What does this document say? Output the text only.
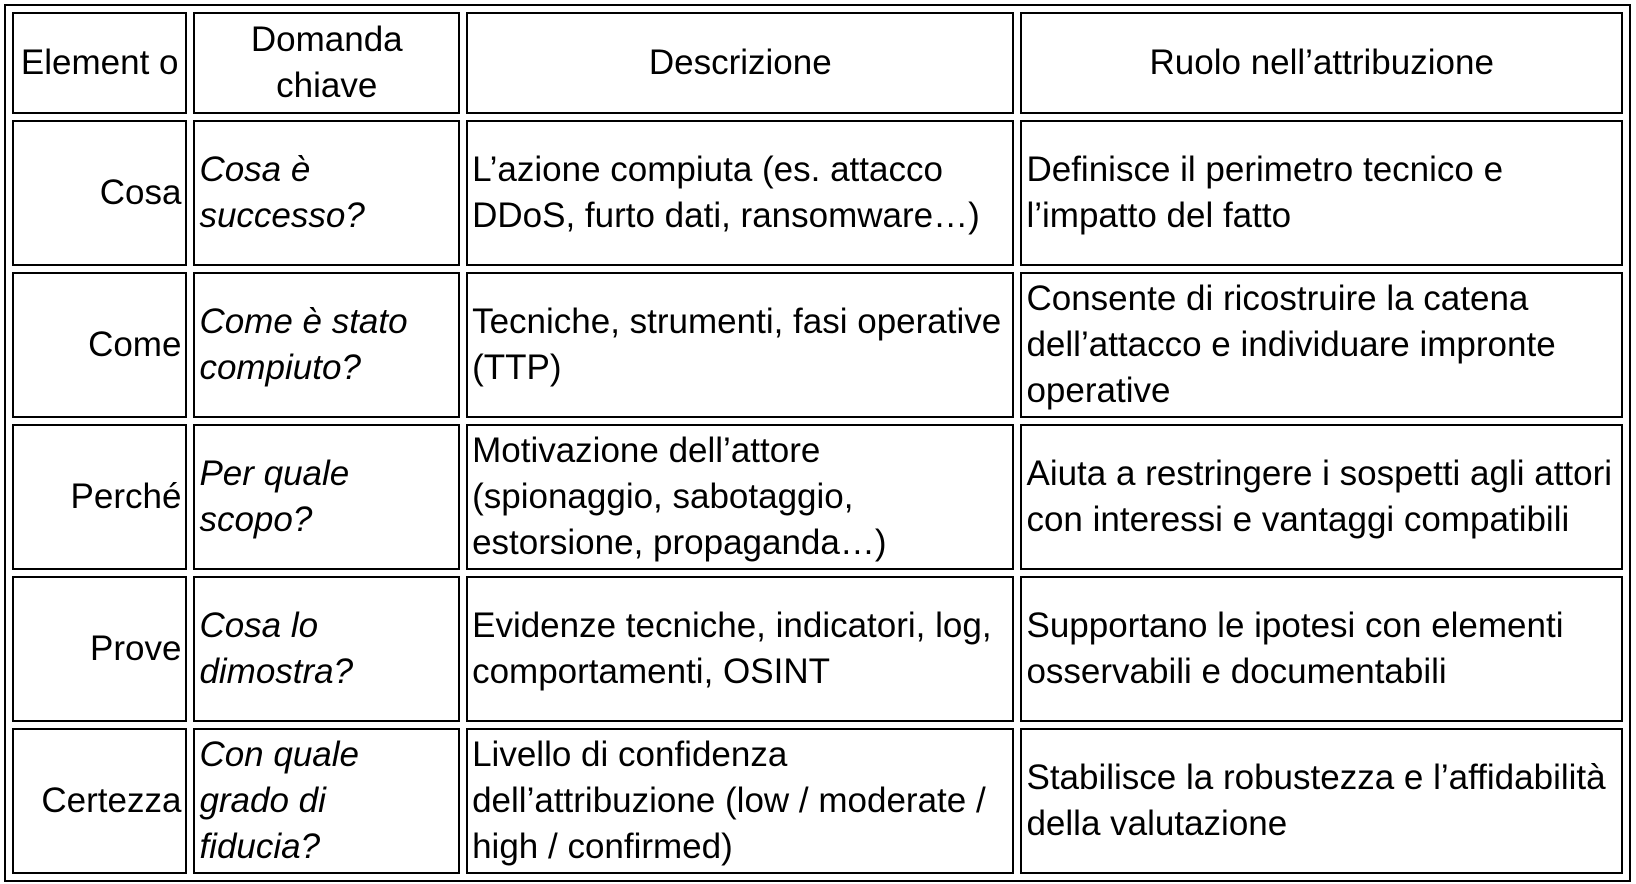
Element o	Domanda chiave	Descrizione	Ruolo nell’attribuzione
Cosa	Cosa è successo?	L’azione compiuta (es. attacco DDoS, furto dati, ransomware…)	Definisce il perimetro tecnico e l’impatto del fatto
Come	Come è stato compiuto?	Tecniche, strumenti, fasi operative (TTP)	Consente di ricostruire la catena dell’attacco e individuare impronte operative
Perché	Per quale scopo?	Motivazione dell’attore (spionaggio, sabotaggio, estorsione, propaganda…)	Aiuta a restringere i sospetti agli attori con interessi e vantaggi compatibili
Prove	Cosa lo dimostra?	Evidenze tecniche, indicatori, log, comportamenti, OSINT	Supportano le ipotesi con elementi osservabili e documentabili
Certezza	Con quale grado di fiducia?	Livello di confidenza dell’attribuzione (low / moderate / high / confirmed)	Stabilisce la robustezza e l’affidabilità della valutazione
